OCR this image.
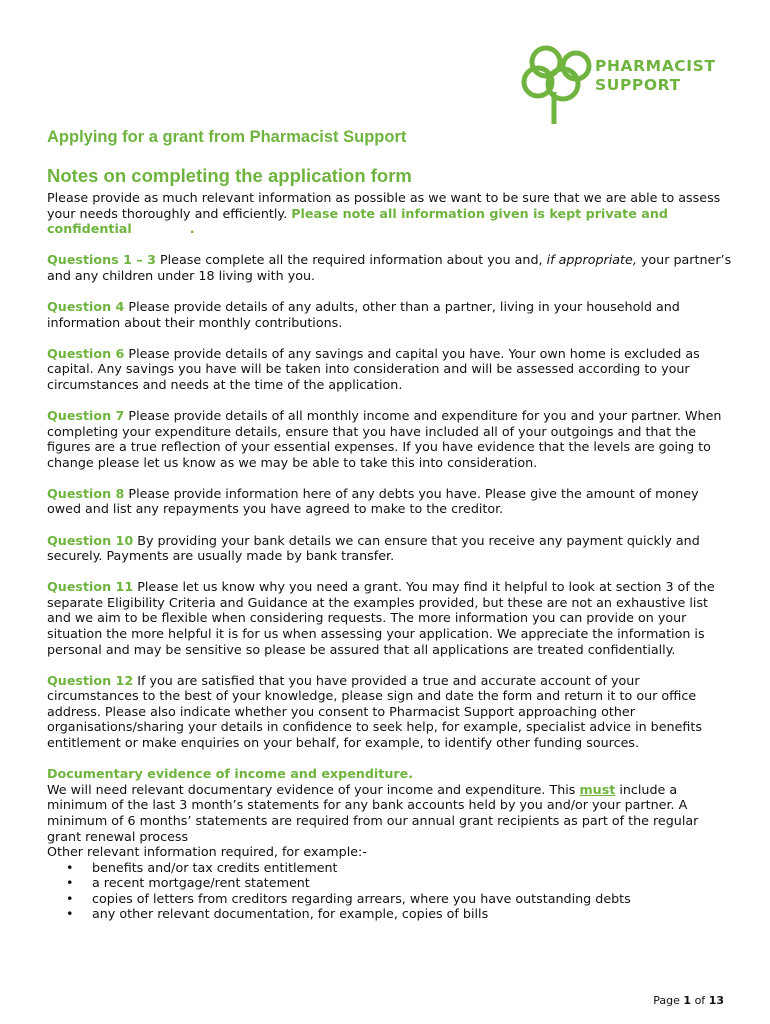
PHARMACIST
SUPPORT
Applying for a grant from Pharmacist Support
Notes on completing the application form

Please provide as much relevant information as possible as we want to be sure that we are able to assess your needs thoroughly and efficiently. Please note all information given is kept private and confidential	.

Questions 1 – 3 Please complete all the required information about you and, if appropriate, your partner’s and any children under 18 living with you.

Question 4 Please provide details of any adults, other than a partner, living in your household and information about their monthly contributions.

Question 6 Please provide details of any savings and capital you have. Your own home is excluded as capital. Any savings you have will be taken into consideration and will be assessed according to your circumstances and needs at the time of the application.

Question 7 Please provide details of all monthly income and expenditure for you and your partner. When completing your expenditure details, ensure that you have included all of your outgoings and that the figures are a true reflection of your essential expenses. If you have evidence that the levels are going to change please let us know as we may be able to take this into consideration.

Question 8 Please provide information here of any debts you have. Please give the amount of money owed and list any repayments you have agreed to make to the creditor.

Question 10 By providing your bank details we can ensure that you receive any payment quickly and securely. Payments are usually made by bank transfer.

Question 11 Please let us know why you need a grant. You may find it helpful to look at section 3 of the separate Eligibility Criteria and Guidance at the examples provided, but these are not an exhaustive list and we aim to be flexible when considering requests. The more information you can provide on your situation the more helpful it is for us when assessing your application. We appreciate the information is personal and may be sensitive so please be assured that all applications are treated confidentially.

Question 12 If you are satisfied that you have provided a true and accurate account of your circumstances to the best of your knowledge, please sign and date the form and return it to our office address. Please also indicate whether you consent to Pharmacist Support approaching other organisations/sharing your details in confidence to seek help, for example, specialist advice in benefits entitlement or make enquiries on your behalf, for example, to identify other funding sources.

Documentary evidence of income and expenditure.

We will need relevant documentary evidence of your income and expenditure. This must include a minimum of the last 3 month’s statements for any bank accounts held by you and/or your partner. A minimum of 6 months’ statements are required from our annual grant recipients as part of the regular grant renewal process

Other relevant information required, for example:-

• benefits and/or tax credits entitlement
• a recent mortgage/rent statement
• copies of letters from creditors regarding arrears, where you have outstanding debts
• any other relevant documentation, for example, copies of bills
Page 1 of 13
